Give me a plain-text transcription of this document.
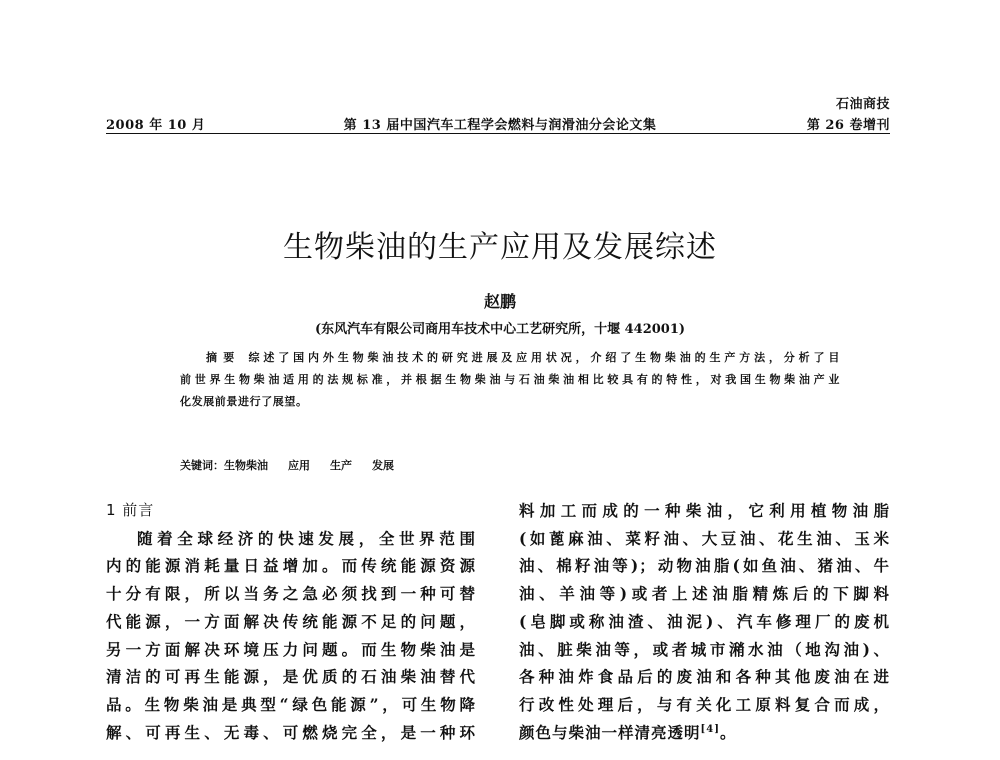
2008 年 10 月	第 13 届中国汽车工程学会燃料与润滑油分会论文集
石油商技
第 26 卷增刊
生物柴油的生产应用及发展综述
赵鹏
(东风汽车有限公司商用车技术中心工艺研究所，十堰 442001)
摘要 综述了国内外生物柴油技术的研究进展及应用状况，介绍了生物柴油的生产方法，分析了目
前世界生物柴油适用的法规标准，并根据生物柴油与石油柴油相比较具有的特性，对我国生物柴油产业
化发展前景进行了展望。
关键词：生物柴油 应用 生产 发展
1 前言
随着全球经济的快速发展，全世界范围
内的能源消耗量日益增加。而传统能源资源
十分有限，所以当务之急必须找到一种可替
代能源，一方面解决传统能源不足的问题，
另一方面解决环境压力问题。而生物柴油是
清洁的可再生能源，是优质的石油柴油替代
品。生物柴油是典型“绿色能源”，可生物降
解、可再生、无毒、可燃烧完全，是一种环
料加工而成的一种柴油，它利用植物油脂
(如蓖麻油、菜籽油、大豆油、花生油、玉米
油、棉籽油等)；动物油脂(如鱼油、猪油、牛
油、羊油等)或者上述油脂精炼后的下脚料
(皂脚或称油渣、油泥)、汽车修理厂的废机
油、脏柴油等，或者城市潲水油（地沟油)、
各种油炸食品后的废油和各种其他废油在进
行改性处理后，与有关化工原料复合而成，
颜色与柴油一样清亮透明[4]。
